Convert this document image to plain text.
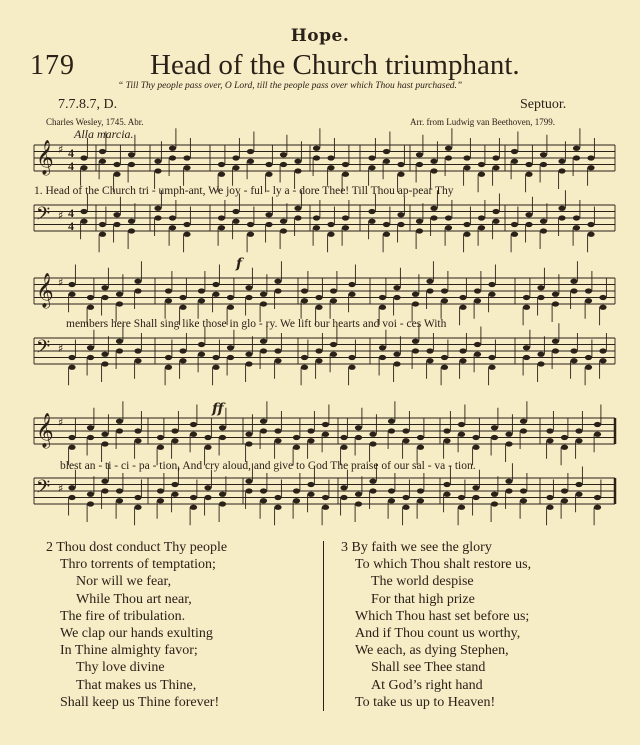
Hope.
179	Head of the Church triumphant.
“ Till Thy people pass over, O Lord, till the people pass over which Thou hast purchased.”
7.7.8.7, D.	Septuor.
Charles Wesley, 1745. Abr.	Arr. from Ludwig van Beethoven, 1799.
Alla marcia.
𝄞 ♯ 4
4
𝄢 ♯ 4
4
𝄞 ♯
𝄢 ♯
𝄞 ♯
𝄢 ♯
f
ff
1. Head of the Church tri - umph-ant, We joy - ful - ly a - dore Thee! Till Thou ap-pear Thy
members here Shall sing like those in glo - ry. We lift our hearts and voi - ces With
blest an - ti - ci - pa - tion, And cry aloud, and give to God The praise of our sal - va - tion.
2 Thou dost conduct Thy people
Thro torrents of temptation;
Nor will we fear,
While Thou art near,
The fire of tribulation.
We clap our hands exulting
In Thine almighty favor;
Thy love divine
That makes us Thine,
Shall keep us Thine forever!
3 By faith we see the glory
To which Thou shalt restore us,
The world despise
For that high prize
Which Thou hast set before us;
And if Thou count us worthy,
We each, as dying Stephen,
Shall see Thee stand
At God’s right hand
To take us up to Heaven!
